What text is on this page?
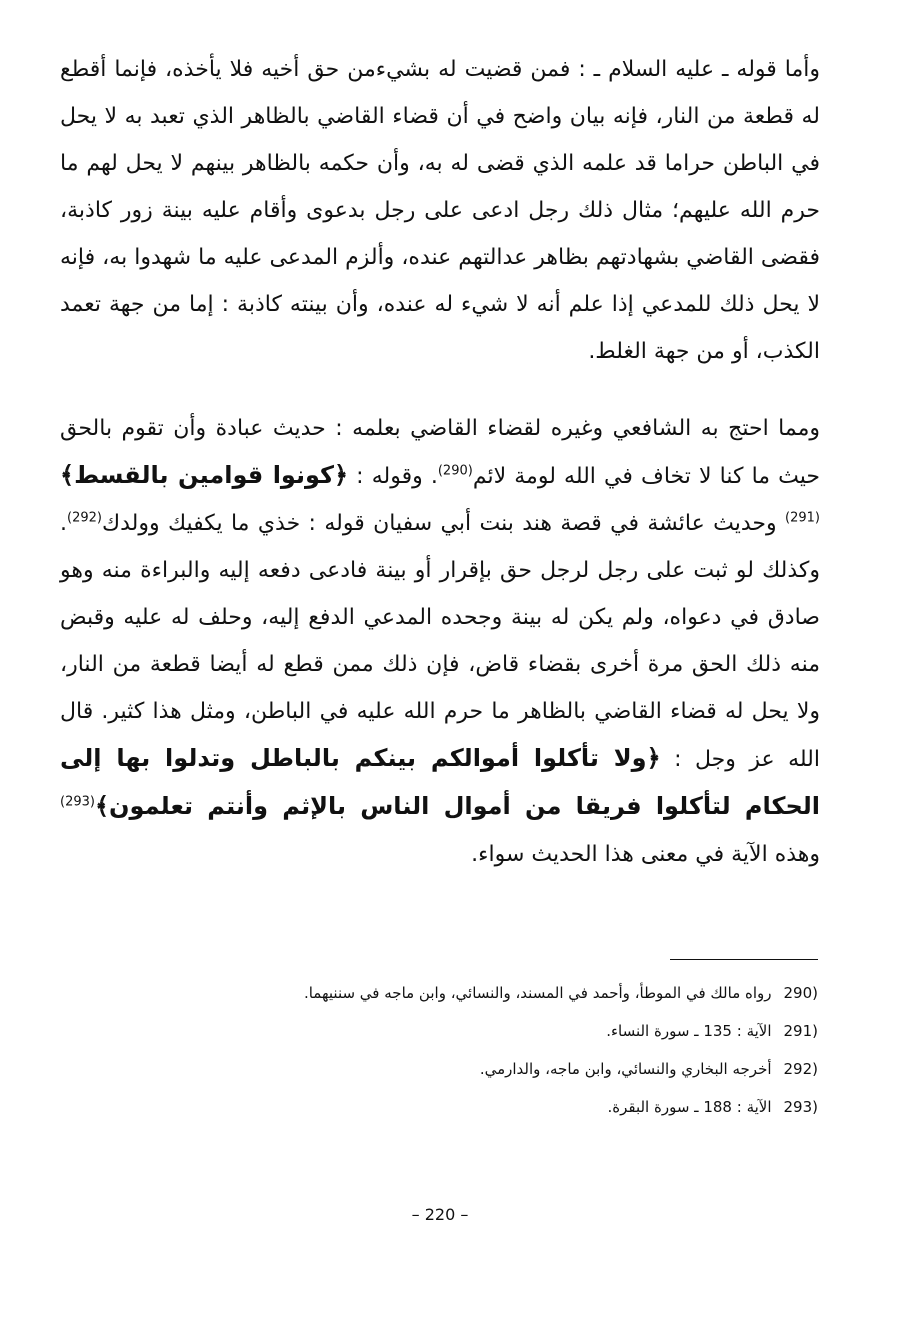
وأما قوله ـ عليه السلام ـ : فمن قضيت له بشيءمن حق أخيه فلا يأخذه، فإنما أقطع له قطعة من النار، فإنه بيان واضح في أن قضاء القاضي بالظاهر الذي تعبد به لا يحل في الباطن حراما قد علمه الذي قضى له به، وأن حكمه بالظاهر بينهم لا يحل لهم ما حرم الله عليهم؛ مثال ذلك رجل ادعى على رجل بدعوى وأقام عليه بينة زور كاذبة، فقضى القاضي بشهادتهم بظاهر عدالتهم عنده، وألزم المدعى عليه ما شهدوا به، فإنه لا يحل ذلك للمدعي إذا علم أنه لا شيء له عنده، وأن بينته كاذبة : إما من جهة تعمد الكذب، أو من جهة الغلط.

ومما احتج به الشافعي وغيره لقضاء القاضي بعلمه : حديث عبادة وأن تقوم بالحق حيث ما كنا لا تخاف في الله لومة لائم$^{(290)}$. وقوله : ﴿كونوا قوامين بالقسط﴾$^{(291)}$ وحديث عائشة في قصة هند بنت أبي سفيان قوله : خذي ما يكفيك وولدك$^{(292)}$. وكذلك لو ثبت على رجل لرجل حق بإقرار أو بينة فادعى دفعه إليه والبراءة منه وهو صادق في دعواه، ولم يكن له بينة وجحده المدعي الدفع إليه، وحلف له عليه وقبض منه ذلك الحق مرة أخرى بقضاء قاض، فإن ذلك ممن قطع له أيضا قطعة من النار، ولا يحل له قضاء القاضي بالظاهر ما حرم الله عليه في الباطن، ومثل هذا كثير. قال الله عز وجل : ﴿ولا تأكلوا أموالكم بينكم بالباطل وتدلوا بها إلى الحكام لتأكلوا فريقا من أموال الناس بالإثم وأنتم تعلمون﴾$^{(293)}$ وهذه الآية في معنى هذا الحديث سواء.

290)رواه مالك في الموطأ، وأحمد في المسند، والنسائي، وابن ماجه في سننيهما.
291)الآية : 135 ـ سورة النساء.
292)أخرجه البخاري والنسائي، وابن ماجه، والدارمي.
293)الآية : 188 ـ سورة البقرة.
– 220 –
